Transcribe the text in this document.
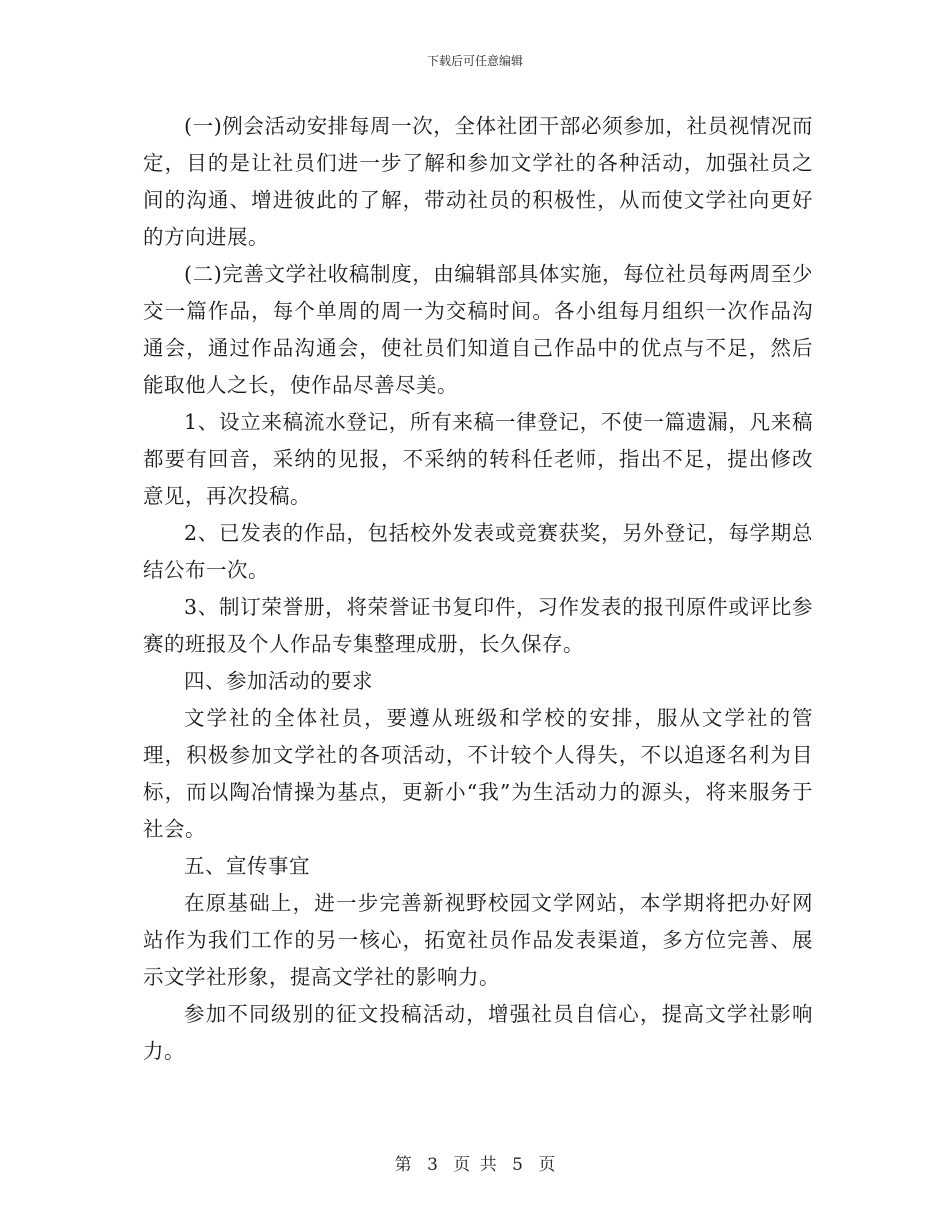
下载后可任意编辑

(一)例会活动安排每周一次，全体社团干部必须参加，社员视情况而定，目的是让社员们进一步了解和参加文学社的各种活动，加强社员之间的沟通、增进彼此的了解，带动社员的积极性，从而使文学社向更好的方向进展。

(二)完善文学社收稿制度，由编辑部具体实施，每位社员每两周至少交一篇作品，每个单周的周一为交稿时间。各小组每月组织一次作品沟通会，通过作品沟通会，使社员们知道自己作品中的优点与不足，然后能取他人之长，使作品尽善尽美。

1、设立来稿流水登记，所有来稿一律登记，不使一篇遗漏，凡来稿都要有回音，采纳的见报，不采纳的转科任老师，指出不足，提出修改意见，再次投稿。

2、已发表的作品，包括校外发表或竞赛获奖，另外登记，每学期总结公布一次。

3、制订荣誉册，将荣誉证书复印件，习作发表的报刊原件或评比参赛的班报及个人作品专集整理成册，长久保存。

四、参加活动的要求

文学社的全体社员，要遵从班级和学校的安排，服从文学社的管理，积极参加文学社的各项活动，不计较个人得失，不以追逐名利为目标，而以陶冶情操为基点，更新小“我”为生活动力的源头，将来服务于社会。

五、宣传事宜

在原基础上，进一步完善新视野校园文学网站，本学期将把办好网站作为我们工作的另一核心，拓宽社员作品发表渠道，多方位完善、展示文学社形象，提高文学社的影响力。

参加不同级别的征文投稿活动，增强社员自信心，提高文学社影响力。

第 3 页 共 5 页
